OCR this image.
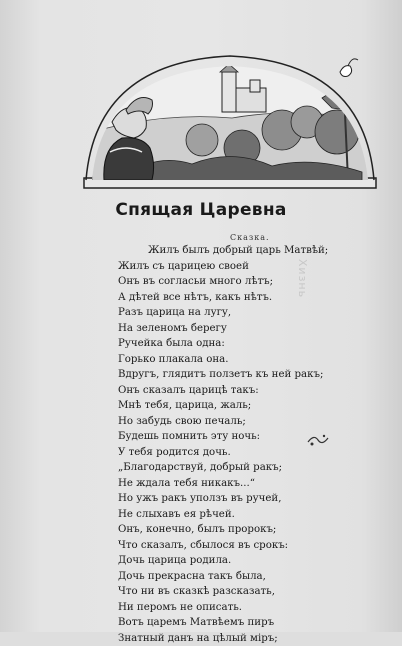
Спящая Царевна
Сказка.
Хизнь
Жилъ былъ добрый царь Матвѣй;
Жилъ съ царицею своей
Онъ въ согласьи много лѣтъ;
А дѣтей все нѣтъ, какъ нѣтъ.
Разъ царица на лугу,
На зеленомъ берегу
Ручейка была одна:
Горько плакала она.
Вдругъ, глядитъ ползетъ къ ней ракъ;
Онъ сказалъ царицѣ такъ:
Мнѣ тебя, царица, жаль;
Но забудь свою печаль;
Будешь помнить эту ночь:
У тебя родится дочь.
„Благодарствуй, добрый ракъ;
Не ждала тебя никакъ...“
Но ужъ ракъ уползъ въ ручей,
Не слыхавъ ея рѣчей.
Онъ, конечно, былъ пророкъ;
Что сказалъ, сбылося въ срокъ:
Дочь царица родила.
Дочь прекрасна такъ была,
Что ни въ сказкѣ разсказать,
Ни перомъ не описать.
Вотъ царемъ Матвѣемъ пиръ
Знатный данъ на цѣлый міръ;
